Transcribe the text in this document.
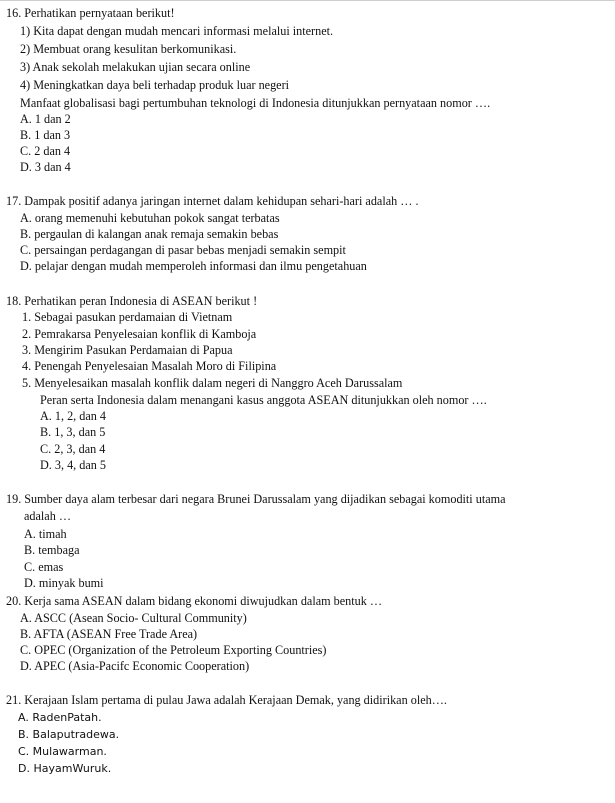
16. Perhatikan pernyataan berikut!
1) Kita dapat dengan mudah mencari informasi melalui internet.
2) Membuat orang kesulitan berkomunikasi.
3) Anak sekolah melakukan ujian secara online
4) Meningkatkan daya beli terhadap produk luar negeri
Manfaat globalisasi bagi pertumbuhan teknologi di Indonesia ditunjukkan pernyataan nomor ….
A. 1 dan 2
B. 1 dan 3
C. 2 dan 4
D. 3 dan 4
17. Dampak positif adanya jaringan internet dalam kehidupan sehari-hari adalah … .
A. orang memenuhi kebutuhan pokok sangat terbatas
B. pergaulan di kalangan anak remaja semakin bebas
C. persaingan perdagangan di pasar bebas menjadi semakin sempit
D. pelajar dengan mudah memperoleh informasi dan ilmu pengetahuan
18. Perhatikan peran Indonesia di ASEAN berikut !
1. Sebagai pasukan perdamaian di Vietnam
2. Pemrakarsa Penyelesaian konflik di Kamboja
3. Mengirim Pasukan Perdamaian di Papua
4. Penengah Penyelesaian Masalah Moro di Filipina
5. Menyelesaikan masalah konflik dalam negeri di Nanggro Aceh Darussalam
Peran serta Indonesia dalam menangani kasus anggota ASEAN ditunjukkan oleh nomor ….
A. 1, 2, dan 4
B. 1, 3, dan 5
C. 2, 3, dan 4
D. 3, 4, dan 5
19. Sumber daya alam terbesar dari negara Brunei Darussalam yang dijadikan sebagai komoditi utama
adalah …
A. timah
B. tembaga
C. emas
D. minyak bumi
20. Kerja sama ASEAN dalam bidang ekonomi diwujudkan dalam bentuk …
A. ASCC (Asean Socio- Cultural Community)
B. AFTA (ASEAN Free Trade Area)
C. OPEC (Organization of the Petroleum Exporting Countries)
D. APEC (Asia-Pacifc Economic Cooperation)
21. Kerajaan Islam pertama di pulau Jawa adalah Kerajaan Demak, yang didirikan oleh….
A. RadenPatah.
B. Balaputradewa.
C. Mulawarman.
D. HayamWuruk.
